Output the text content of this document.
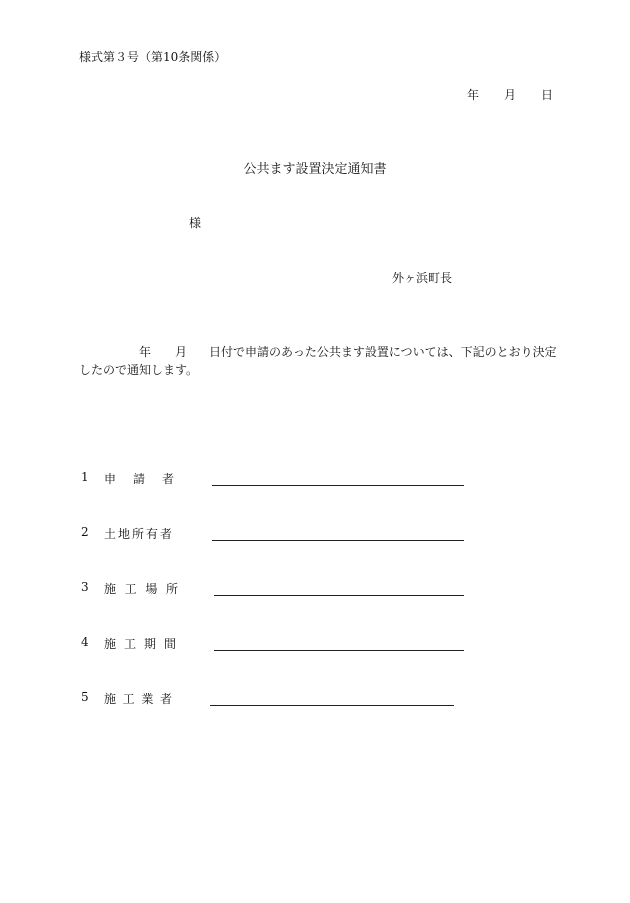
様式第３号（第10条関係）
年 月 日
公共ます設置決定通知書
様
外ヶ浜町長
年 月 日付で申請のあった公共ます設置については、下記のとおり決定したので通知します。
1 申 請 者
2 土地所有者
3 施 工 場 所
4 施 工 期 間
5 施 工 業 者
